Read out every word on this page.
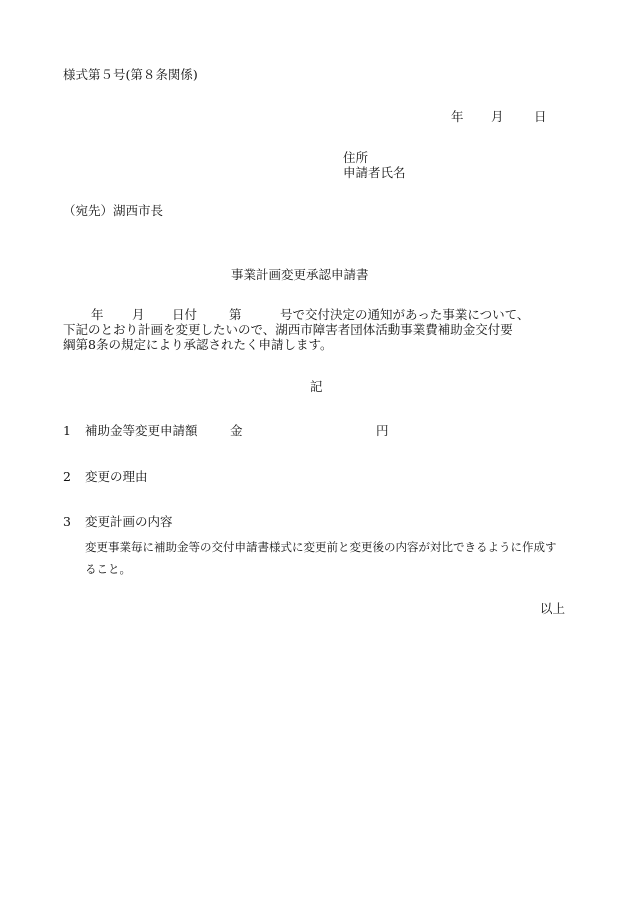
様式第５号(第８条関係)
年 月 日
住所
申請者氏名
（宛先）湖西市長
事業計画変更承認申請書
年 月 日付	第	号で交付決定の通知があった事業について、
下記のとおり計画を変更したいので、湖西市障害者団体活動事業費補助金交付要
綱第8条の規定により承認されたく申請します。
記
1 補助金等変更申請額	金	円
2 変更の理由
3 変更計画の内容
変更事業毎に補助金等の交付申請書様式に変更前と変更後の内容が対比できるように作成す
ること。
以上
